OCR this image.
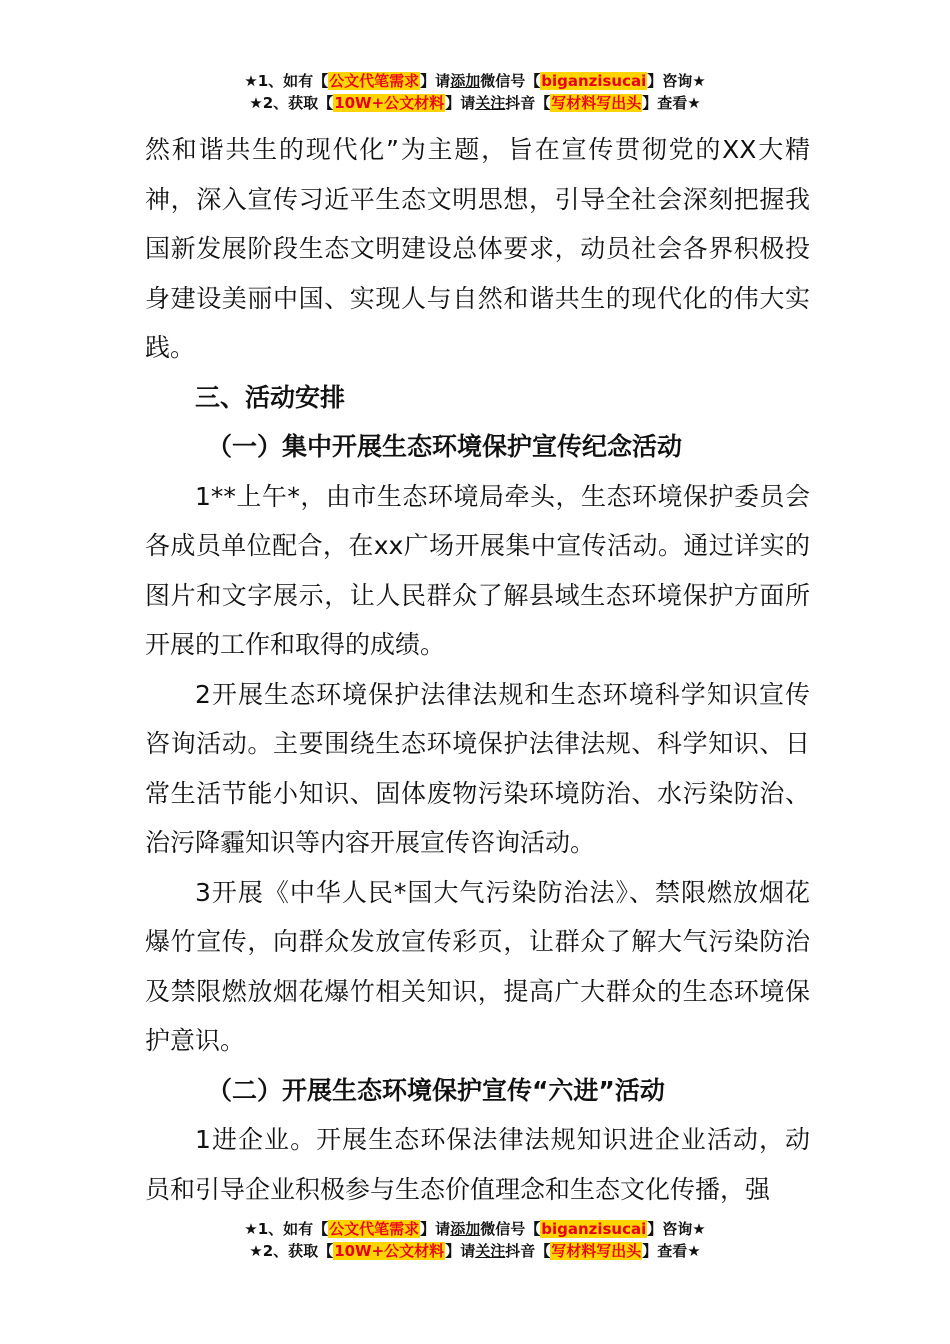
★1、如有【公文代笔需求】请添加微信号【biganzisucai】咨询★
★2、获取【10W+公文材料】请关注抖音【写材料写出头】查看★

然和谐共生的现代化”为主题，旨在宣传贯彻党的XX大精神，深入宣传习近平生态文明思想，引导全社会深刻把握我国新发展阶段生态文明建设总体要求，动员社会各界积极投身建设美丽中国、实现人与自然和谐共生的现代化的伟大实践。

三、活动安排

（一）集中开展生态环境保护宣传纪念活动

1**上午*，由市生态环境局牵头，生态环境保护委员会各成员单位配合，在xx广场开展集中宣传活动。通过详实的图片和文字展示，让人民群众了解县域生态环境保护方面所开展的工作和取得的成绩。

2开展生态环境保护法律法规和生态环境科学知识宣传咨询活动。主要围绕生态环境保护法律法规、科学知识、日常生活节能小知识、固体废物污染环境防治、水污染防治、治污降霾知识等内容开展宣传咨询活动。

3开展《中华人民*国大气污染防治法》、禁限燃放烟花爆竹宣传，向群众发放宣传彩页，让群众了解大气污染防治及禁限燃放烟花爆竹相关知识，提高广大群众的生态环境保护意识。

（二）开展生态环境保护宣传“六进”活动

1进企业。开展生态环保法律法规知识进企业活动，动员和引导企业积极参与生态价值理念和生态文化传播，强

★1、如有【公文代笔需求】请添加微信号【biganzisucai】咨询★
★2、获取【10W+公文材料】请关注抖音【写材料写出头】查看★
